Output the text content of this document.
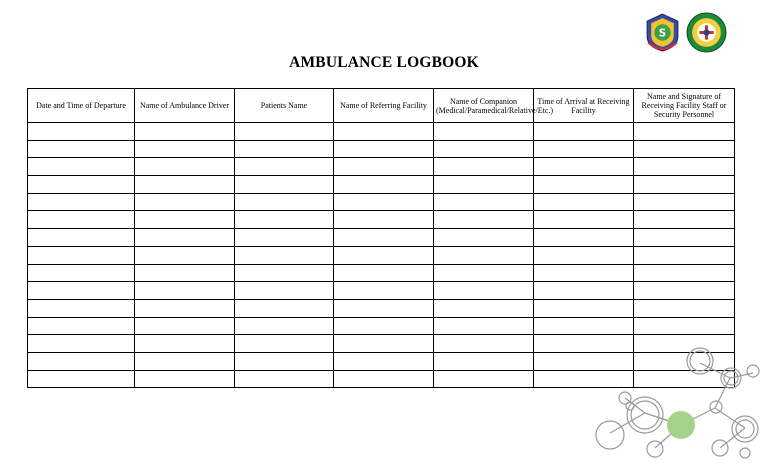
S
AMBULANCE LOGBOOK
Date and Time of Departure	Name of Ambulance Driver	Patients Name	Name of Referring Facility	Name of Companion (Medical/Paramedical/Relative/Etc.)	Time of Arrival at Receiving Facility	Name and Signature of Receiving Facility Staff or Security Personnel
